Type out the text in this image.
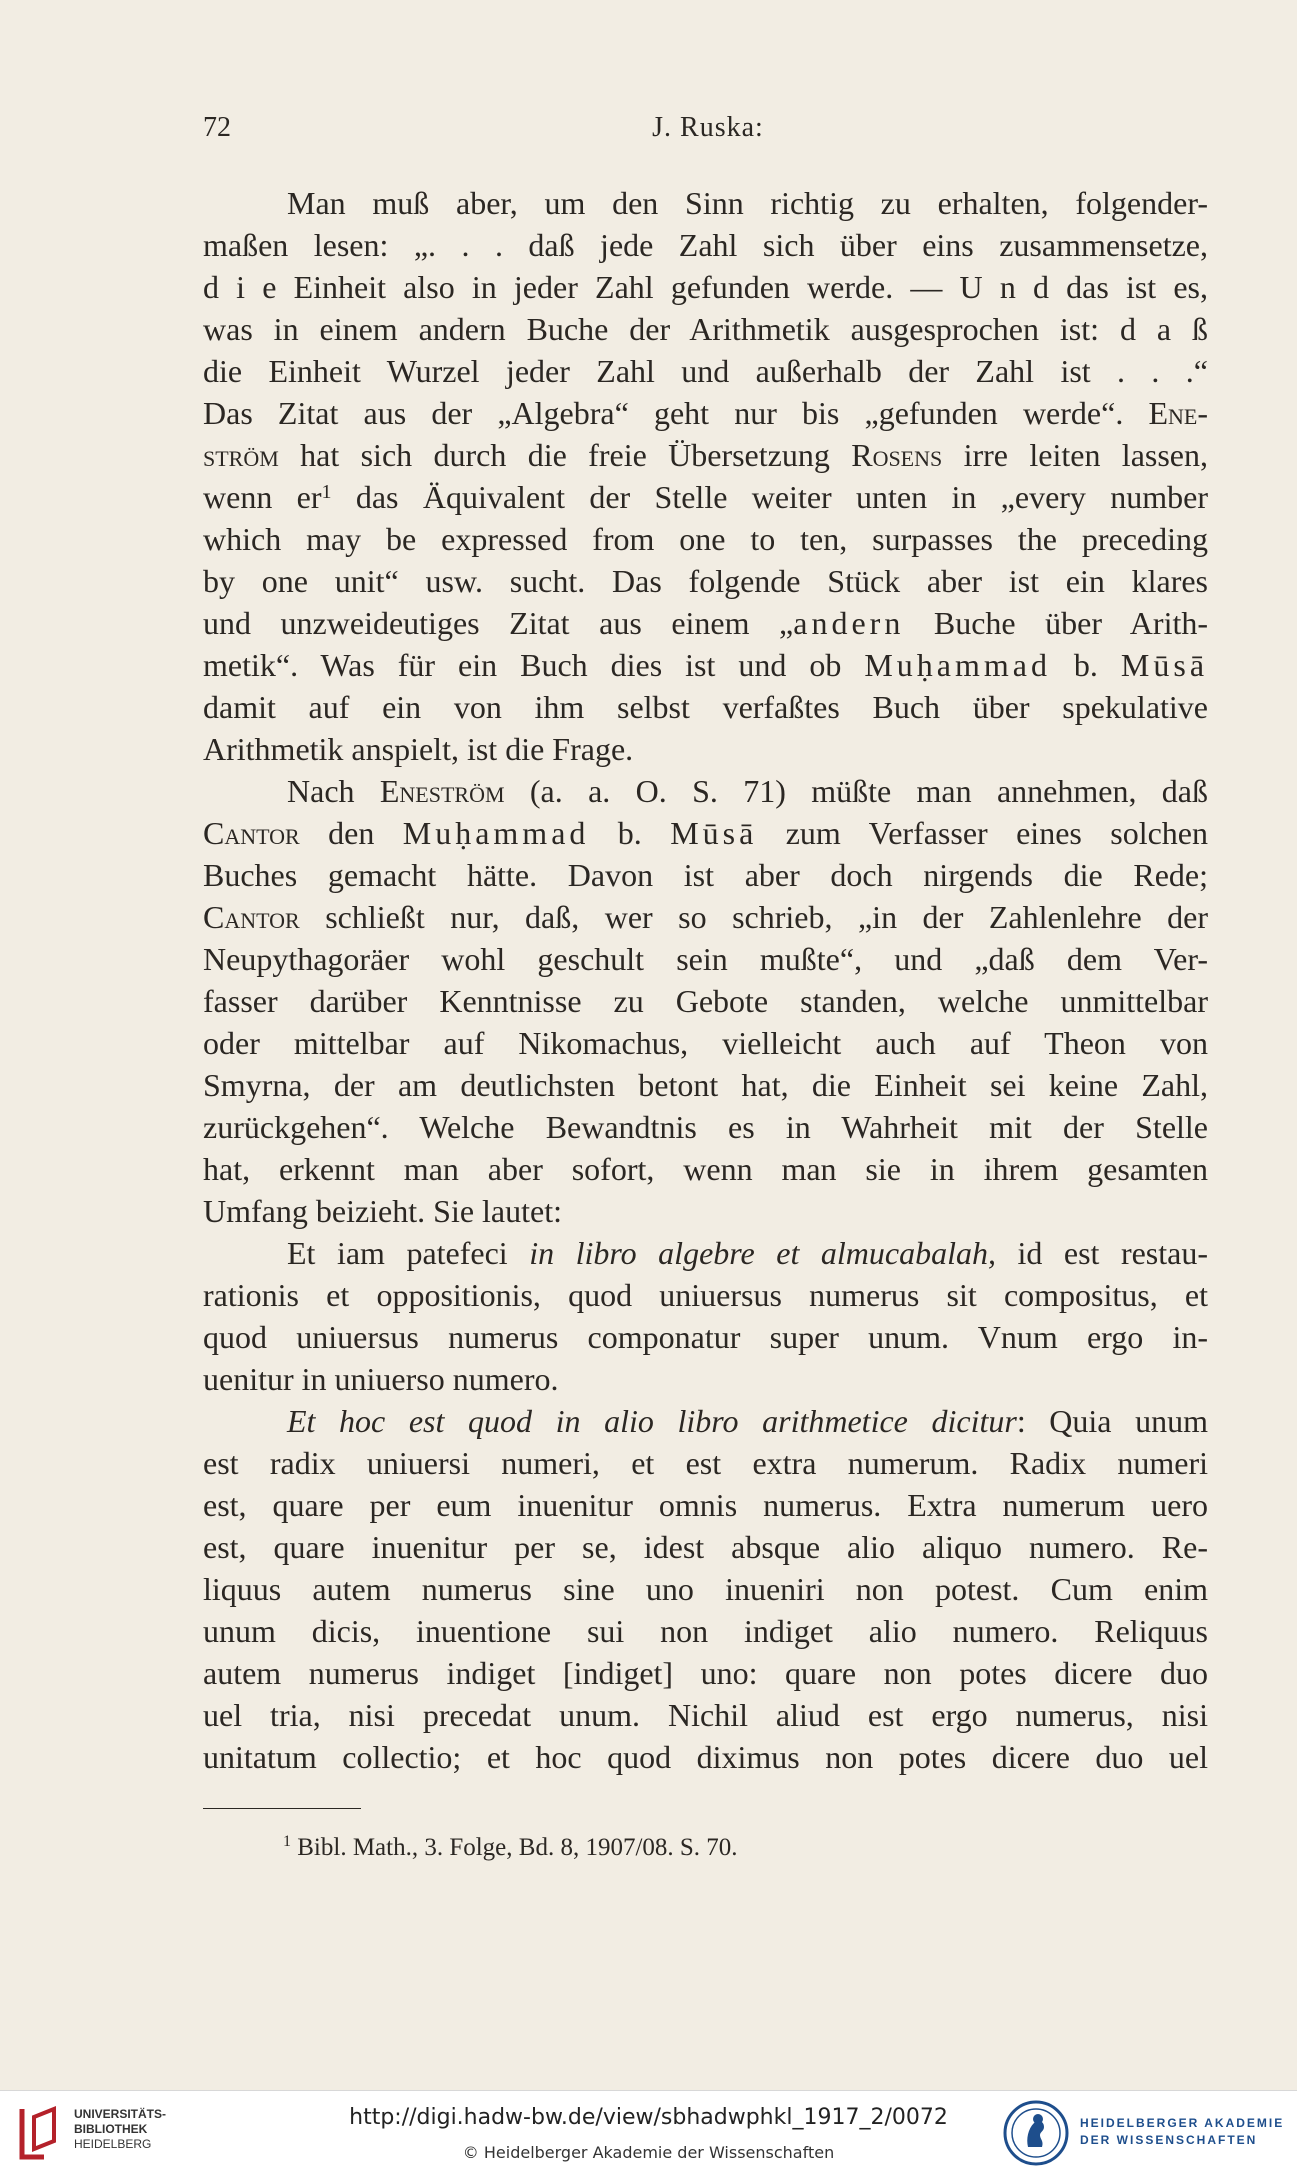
72	J. Ruska:
Man muß aber, um den Sinn richtig zu erhalten, folgender-
maßen lesen: „. . . daß jede Zahl sich über eins zusammensetze,
d i e Einheit also in jeder Zahl gefunden werde. — U n d das ist es,
was in einem andern Buche der Arithmetik ausgesprochen ist: d a ß
die Einheit Wurzel jeder Zahl und außerhalb der Zahl ist . . .“
Das Zitat aus der „Algebra“ geht nur bis „gefunden werde“. Ene-
ström hat sich durch die freie Übersetzung Rosens irre leiten lassen,
wenn er$^1$ das Äquivalent der Stelle weiter unten in „every number
which may be expressed from one to ten, surpasses the preceding
by one unit“ usw. sucht. Das folgende Stück aber ist ein klares
und unzweideutiges Zitat aus einem „andern Buche über Arith-
metik“. Was für ein Buch dies ist und ob Muḥammad b. Mūsā
damit auf ein von ihm selbst verfaßtes Buch über spekulative
Arithmetik anspielt, ist die Frage.
Nach Eneström (a. a. O. S. 71) müßte man annehmen, daß
Cantor den Muḥammad b. Mūsā zum Verfasser eines solchen
Buches gemacht hätte. Davon ist aber doch nirgends die Rede;
Cantor schließt nur, daß, wer so schrieb, „in der Zahlenlehre der
Neupythagoräer wohl geschult sein mußte“, und „daß dem Ver-
fasser darüber Kenntnisse zu Gebote standen, welche unmittelbar
oder mittelbar auf Nikomachus, vielleicht auch auf Theon von
Smyrna, der am deutlichsten betont hat, die Einheit sei keine Zahl,
zurückgehen“. Welche Bewandtnis es in Wahrheit mit der Stelle
hat, erkennt man aber sofort, wenn man sie in ihrem gesamten
Umfang beizieht. Sie lautet:
Et iam patefeci in libro algebre et almucabalah, id est restau-
rationis et oppositionis, quod uniuersus numerus sit compositus, et
quod uniuersus numerus componatur super unum. Vnum ergo in-
uenitur in uniuerso numero.
Et hoc est quod in alio libro arithmetice dicitur: Quia unum
est radix uniuersi numeri, et est extra numerum. Radix numeri
est, quare per eum inuenitur omnis numerus. Extra numerum uero
est, quare inuenitur per se, idest absque alio aliquo numero. Re-
liquus autem numerus sine uno inueniri non potest. Cum enim
unum dicis, inuentione sui non indiget alio numero. Reliquus
autem numerus indiget [indiget] uno: quare non potes dicere duo
uel tria, nisi precedat unum. Nichil aliud est ergo numerus, nisi
unitatum collectio; et hoc quod diximus non potes dicere duo uel
$^1$ Bibl. Math., 3. Folge, Bd. 8, 1907/08. S. 70.
UNIVERSITÄTS-
BIBLIOTHEK
HEIDELBERG
http://digi.hadw-bw.de/view/sbhadwphkl_1917_2/0072
© Heidelberger Akademie der Wissenschaften
HEIDELBERGER AKADEMIE
DER WISSENSCHAFTEN
